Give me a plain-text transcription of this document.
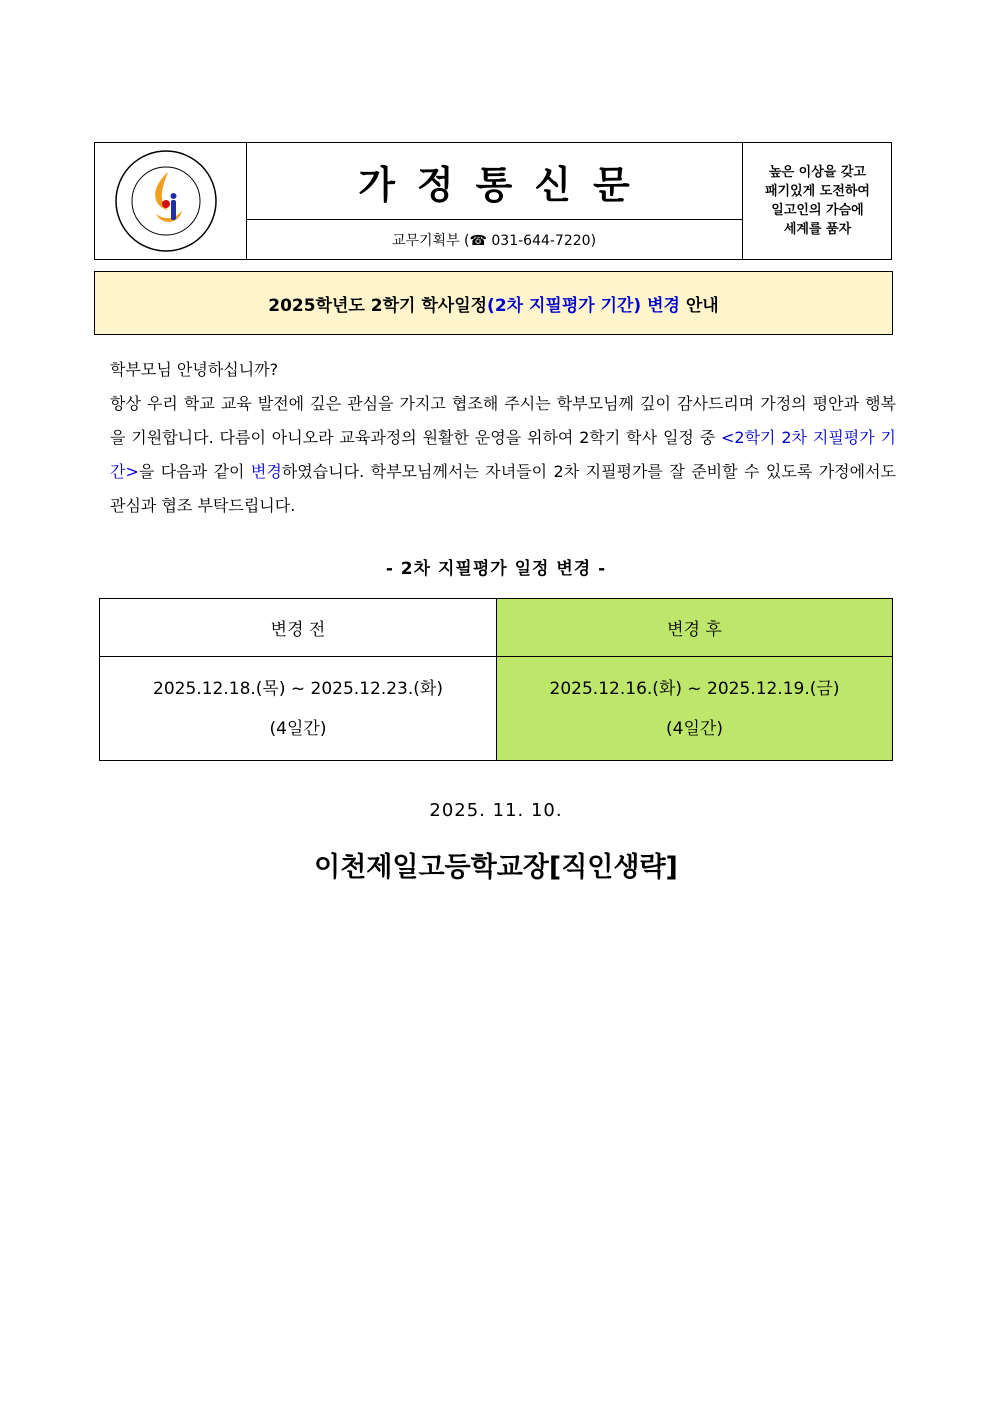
가정통신문
교무기획부 (☎ 031-644-7220)
높은 이상을 갖고
패기있게 도전하여
일고인의 가슴에
세계를 품자
2025학년도 2학기 학사일정 (2차 지필평가 기간) 변경 안내

학부모님 안녕하십니까?

항상 우리 학교 교육 발전에 깊은 관심을 가지고 협조해 주시는 학부모님께 깊이 감사드리며 가정의 평안과 행복을 기원합니다. 다름이 아니오라 교육과정의 원활한 운영을 위하여 2학기 학사 일정 중 <2학기 2차 지필평가 기간>을 다음과 같이 변경하였습니다. 학부모님께서는 자녀들이 2차 지필평가를 잘 준비할 수 있도록 가정에서도 관심과 협조 부탁드립니다.

- 2차 지필평가 일정 변경 -
변경 전	변경 후
2025.12.18.(목) ~ 2025.12.23.(화)
(4일간)
2025.12.16.(화) ~ 2025.12.19.(금)
(4일간)
2025. 11. 10.
이천제일고등학교장[직인생략]
